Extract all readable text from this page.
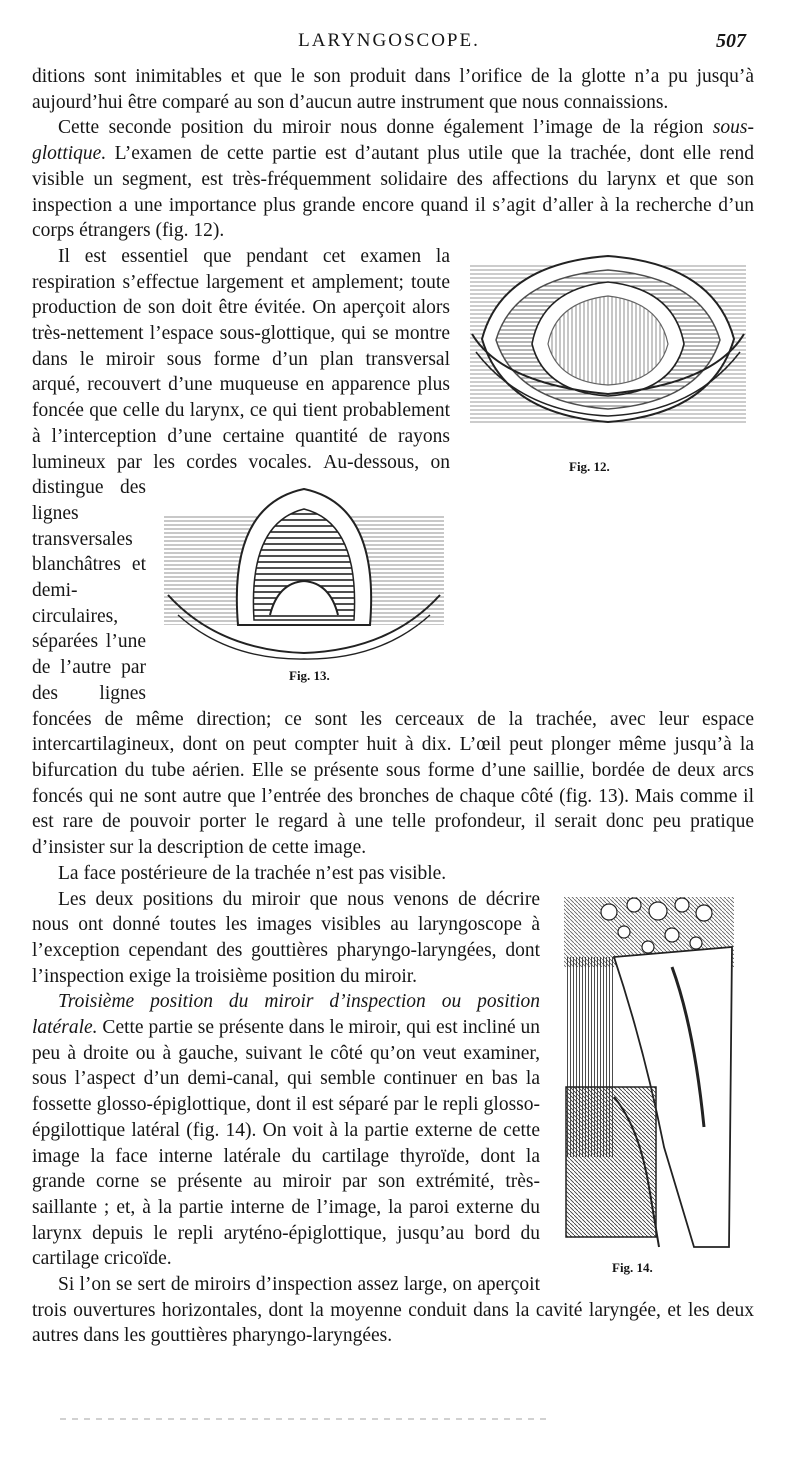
LARYNGOSCOPE.	507

ditions sont inimitables et que le son produit dans l’orifice de la glotte n’a pu jusqu’à aujourd’hui être comparé au son d’aucun autre instrument que nous connaissions.

Cette seconde position du miroir nous donne également l’image de la région sous-glottique. L’examen de cette partie est d’autant plus utile que la trachée, dont elle rend visible un segment, est très-fréquemment solidaire des affections du larynx et que son inspection a une importance plus grande encore quand il s’agit d’aller à la recherche d’un corps étrangers (fig. 12).

Fig. 12.

Il est essentiel que pendant cet examen la respiration s’effectue largement et amplement; toute production de son doit être évitée. On aperçoit alors très-nettement l’espace sous-glottique, qui se montre dans le miroir sous forme d’un plan transversal arqué, recouvert d’une muqueuse en apparence plus foncée que celle du larynx, ce qui tient probablement à l’interception d’une certaine quantité de rayons lumineux par les cordes vocales.
Fig. 13.
Au-dessous, on distingue des lignes transversales blanchâtres et demi-circulaires, séparées l’une de l’autre par des lignes foncées de même direction; ce sont les cerceaux de la trachée, avec leur espace intercartilagineux, dont on peut compter huit à dix. L’œil peut plonger même jusqu’à la bifurcation du tube aérien. Elle se présente sous forme d’une saillie, bordée de deux arcs foncés qui ne sont autre que l’entrée des bronches de chaque côté (fig. 13). Mais comme il est rare de pouvoir porter le regard à une telle profondeur, il serait donc peu pratique d’insister sur la description de cette image.

La face postérieure de la trachée n’est pas visible.

Fig. 14.

Les deux positions du miroir que nous venons de décrire nous ont donné toutes les images visibles au laryngoscope à l’exception cependant des gouttières pharyngo-laryngées, dont l’inspection exige la troisième position du miroir.

Troisième position du miroir d’inspection ou position latérale. Cette partie se présente dans le miroir, qui est incliné un peu à droite ou à gauche, suivant le côté qu’on veut examiner, sous l’aspect d’un demi-canal, qui semble continuer en bas la fossette glosso-épiglottique, dont il est séparé par le repli glosso-épgilottique latéral (fig. 14). On voit à la partie externe de cette image la face interne latérale du cartilage thyroïde, dont la grande corne se présente au miroir par son extrémité, très-saillante ; et, à la partie interne de l’image, la paroi externe du larynx depuis le repli aryténo-épiglottique, jusqu’au bord du cartilage cricoïde.

Si l’on se sert de miroirs d’inspection assez large, on aperçoit trois ouvertures horizontales, dont la moyenne conduit dans la cavité laryngée, et les deux autres dans les gouttières pharyngo-laryngées.
